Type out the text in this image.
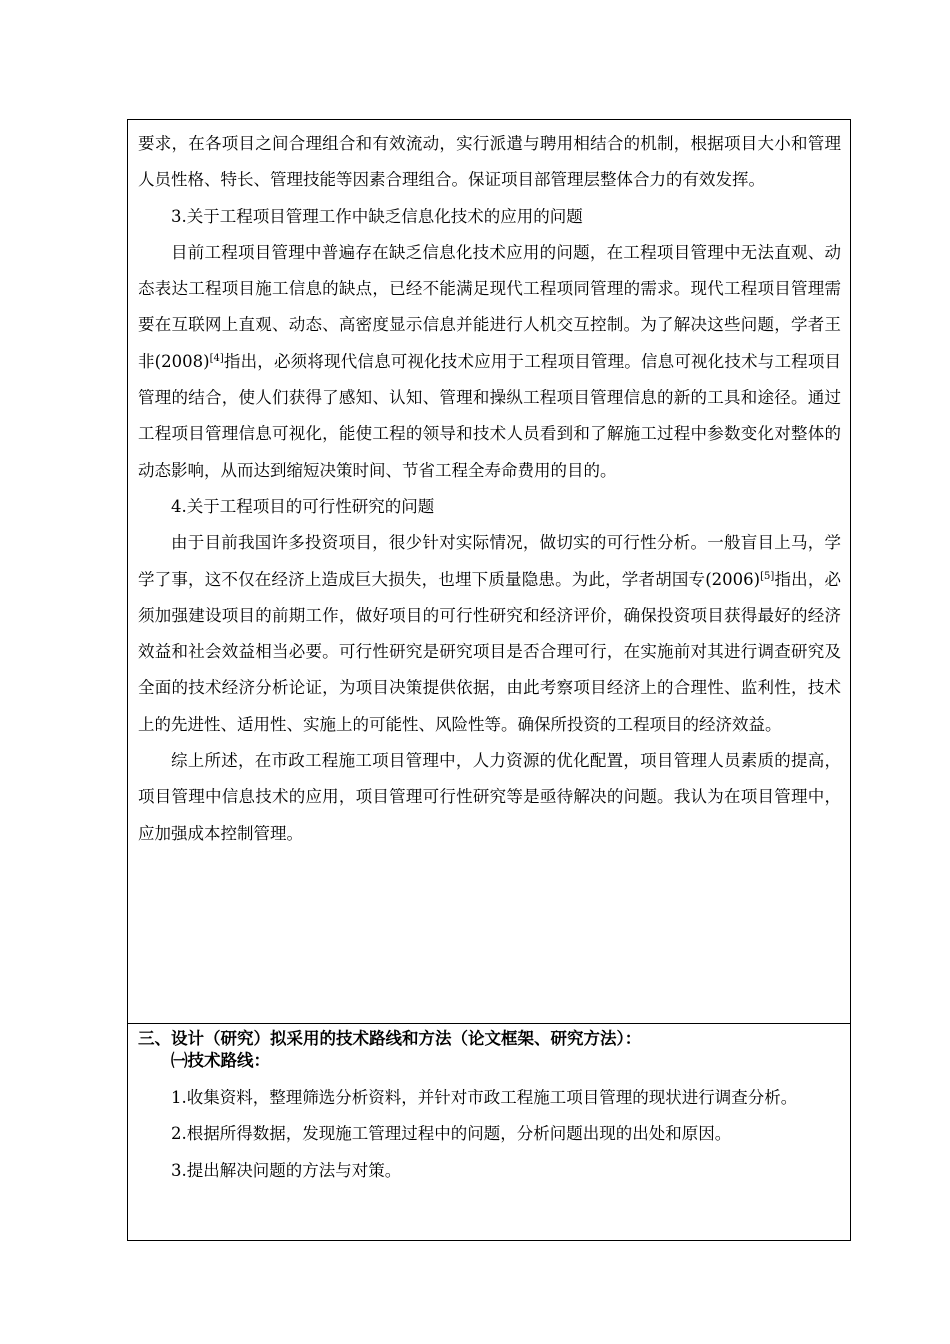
要求，在各项目之间合理组合和有效流动，实行派遣与聘用相结合的机制，根据项目大小和管理人员性格、特长、管理技能等因素合理组合。保证项目部管理层整体合力的有效发挥。

3.关于工程项目管理工作中缺乏信息化技术的应用的问题

目前工程项目管理中普遍存在缺乏信息化技术应用的问题，在工程项目管理中无法直观、动态表达工程项目施工信息的缺点，已经不能满足现代工程项同管理的需求。现代工程项目管理需要在互联网上直观、动态、高密度显示信息并能进行人机交互控制。为了解决这些问题，学者王非(2008)[4]指出，必须将现代信息可视化技术应用于工程项目管理。信息可视化技术与工程项目管理的结合，使人们获得了感知、认知、管理和操纵工程项目管理信息的新的工具和途径。通过工程项目管理信息可视化，能使工程的领导和技术人员看到和了解施工过程中参数变化对整体的动态影响，从而达到缩短决策时间、节省工程全寿命费用的目的。

4.关于工程项目的可行性研究的问题

由于目前我国许多投资项目，很少针对实际情况，做切实的可行性分析。一般盲目上马，学学了事，这不仅在经济上造成巨大损失，也埋下质量隐患。为此，学者胡国专(2006)[5]指出，必须加强建设项目的前期工作，做好项目的可行性研究和经济评价，确保投资项目获得最好的经济效益和社会效益相当必要。可行性研究是研究项目是否合理可行，在实施前对其进行调查研究及全面的技术经济分析论证，为项目决策提供依据，由此考察项目经济上的合理性、监利性，技术上的先进性、适用性、实施上的可能性、风险性等。确保所投资的工程项目的经济效益。

综上所述，在市政工程施工项目管理中，人力资源的优化配置，项目管理人员素质的提高，项目管理中信息技术的应用，项目管理可行性研究等是亟待解决的问题。我认为在项目管理中，应加强成本控制管理。

三、设计（研究）拟采用的技术路线和方法（论文框架、研究方法）：

㈠技术路线：

1.收集资料，整理筛选分析资料，并针对市政工程施工项目管理的现状进行调查分析。

2.根据所得数据，发现施工管理过程中的问题，分析问题出现的出处和原因。

3.提出解决问题的方法与对策。
